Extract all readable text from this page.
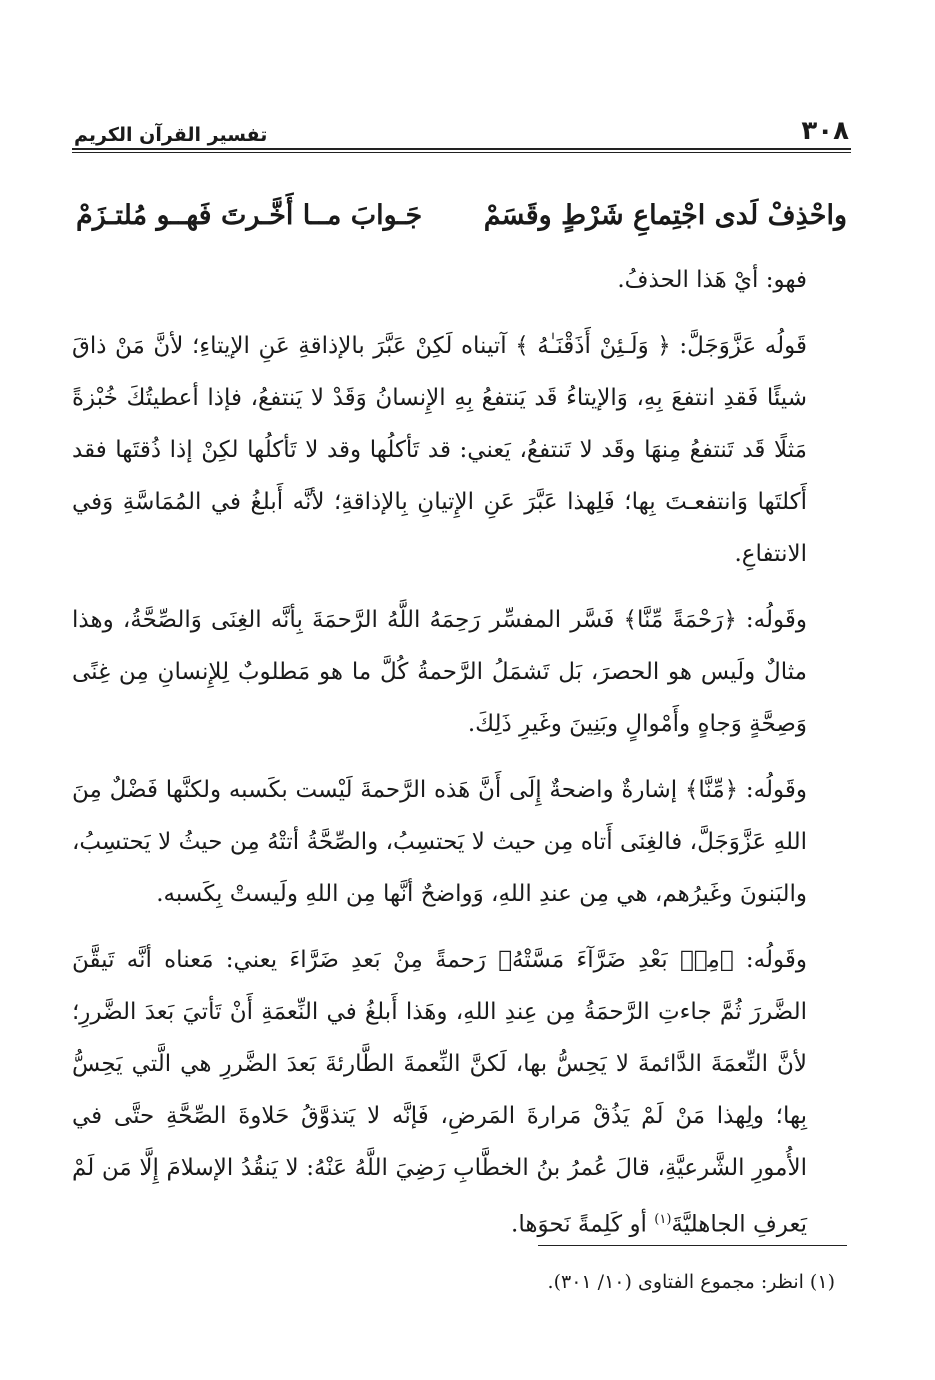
٣٠٨
تفسير القرآن الكريم
واحْذِفْ لَدى اجْتِماعِ شَرْطٍ وقَسَمْ
جَـوابَ مــا أَخَّـرتَ فَهــو مُلتـزَمْ

فهو: أيْ هَذا الحذفُ.

قَولُه عَزَّوَجَلَّ: ﴿ وَلَـئِنْ أَذَقْنَـٰهُ ﴾ آتيناه لَكِنْ عَبَّرَ بالإذاقةِ عَنِ الإيتاءِ؛ لأنَّ مَنْ ذاقَ شيئًا فَقدِ انتفعَ بِهِ، وَالإيتاءُ قَد يَنتفعُ بِهِ الإِنسانُ وَقَدْ لا يَنتفعُ، فإذا أعطيتُكَ خُبْزةً مَثلًا قَد تَنتفعُ مِنهَا وقَد لا تَنتفعُ، يَعني: قد تَأكلُها وقد لا تَأكلُها لكِنْ إذا ذُقتَها فقد أَكلتَها وَانتفعـتَ بِها؛ فَلِهذا عَبَّرَ عَنِ الإِتيانِ بِالإذاقةِ؛ لأنَّه أَبلغُ في المُمَاسَّةِ وَفي الانتفاعِ.

وقَولُه: ﴿رَحْمَةً مِّنَّا﴾ فَسَّر المفسِّر رَحِمَهُ اللَّهُ الرَّحمَةَ بِأنَّه الغِنَى وَالصِّحَّةُ، وهذا مثالٌ ولَيس هو الحصرَ، بَل تَشمَلُ الرَّحمةُ كُلَّ ما هو مَطلوبٌ لِلإِنسانِ مِن غِنًى وَصِحَّةٍ وَجاهٍ وأَمْوالٍ وبَنِينَ وغَيرِ ذَلِكَ.

وقَولُه: ﴿مِّنَّا﴾ إشارةٌ واضحةٌ إِلَى أَنَّ هَذه الرَّحمةَ لَيْست بكَسبه ولكنَّها فَضْلٌ مِنَ اللهِ عَزَّوَجَلَّ، فالغِنَى أَتاه مِن حيث لا يَحتسِبُ، والصِّحَّةُ أتتْهُ مِن حيثُ لا يَحتسِبُ، والبَنونَ وغَيرُهم، هي مِن عندِ اللهِ، وَواضحٌ أنَّها مِن اللهِ ولَيستْ بِكَسبه.

وقَولُه: ﴿مِنۢ بَعْدِ ضَرَّآءَ مَسَّتْهُ﴾ رَحمةً مِنْ بَعدِ ضَرَّاءَ يعني: مَعناه أنَّه تَيقَّنَ الضَّررَ ثُمَّ جاءتِ الرَّحمَةُ مِن عِندِ اللهِ، وهَذا أَبلغُ في النِّعمَةِ أَنْ تَأتيَ بَعدَ الضَّررِ؛ لأنَّ النِّعمَةَ الدَّائمةَ لا يَحِسُّ بها، لَكنَّ النِّعمةَ الطَّارئةَ بَعدَ الضَّررِ هي الَّتي يَحِسُّ بِها؛ ولِهذا مَنْ لَمْ يَذُقْ مَرارةَ المَرضِ، فَإنَّه لا يَتذوَّقُ حَلاوةَ الصِّحَّةِ حتَّى في الأُمورِ الشَّرعيَّةِ، قالَ عُمرُ بنُ الخطَّابِ رَضِيَ اللَّهُ عَنْهُ: لا يَنقُدُ الإسلامَ إِلَّا مَن لَمْ يَعرفِ الجاهليَّةَ$^{(١)}$ أو كَلِمةً نَحوَها.

(١) انظر: مجموع الفتاوى (١٠/ ٣٠١).
